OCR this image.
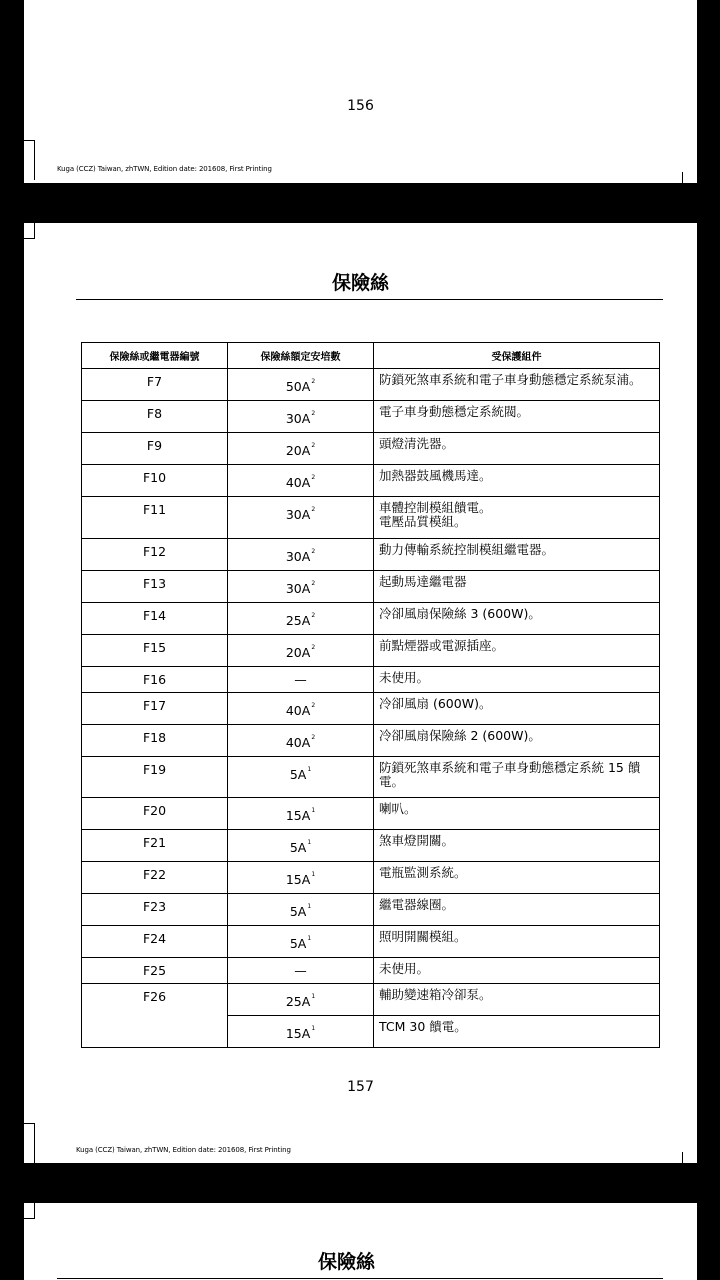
156
Kuga (CCZ) Taiwan, zhTWN, Edition date: 201608, First Printing
保險絲
保險絲或繼電器編號	保險絲額定安培數	受保護組件
F7	$50A^2$	防鎖死煞車系統和電子車身動態穩定系統泵浦。
F8	$30A^2$	電子車身動態穩定系統閥。
F9	$20A^2$	頭燈清洗器。
F10	$40A^2$	加熱器鼓風機馬達。
F11	$30A^2$	車體控制模組饋電。
電壓品質模組。

F12	$30A^2$	動力傳輸系統控制模組繼電器。
F13	$30A^2$	起動馬達繼電器
F14	$25A^2$	冷卻風扇保險絲 3 (600W)。
F15	$20A^2$	前點煙器或電源插座。
F16	—	未使用。
F17	$40A^2$	冷卻風扇 (600W)。
F18	$40A^2$	冷卻風扇保險絲 2 (600W)。
F19	$5A^1$	防鎖死煞車系統和電子車身動態穩定系統 15 饋
電。

F20	$15A^1$	喇叭。
F21	$5A^1$	煞車燈開關。
F22	$15A^1$	電瓶監測系統。
F23	$5A^1$	繼電器線圈。
F24	$5A^1$	照明開關模組。
F25	—	未使用。
F26	$25A^1$	輔助變速箱冷卻泵。
	$15A^1$	TCM 30 饋電。
157
Kuga (CCZ) Taiwan, zhTWN, Edition date: 201608, First Printing
保險絲
